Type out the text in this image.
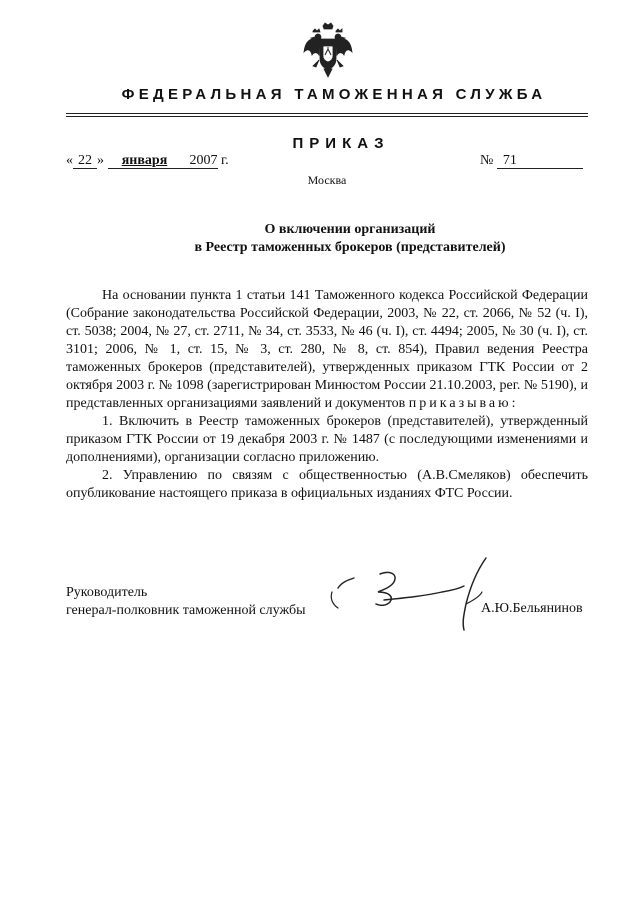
ФЕДЕРАЛЬНАЯ ТАМОЖЕННАЯ СЛУЖБА
ПРИКАЗ
« 22 » января 2007 г.	№ 71
Москва
О включении организаций
в Реестр таможенных брокеров (представителей)

На основании пункта 1 статьи 141 Таможенного кодекса Российской Федерации (Собрание законодательства Российской Федерации, 2003, № 22, ст. 2066, № 52 (ч. I), ст. 5038; 2004, № 27, ст. 2711, № 34, ст. 3533, № 46 (ч. I), ст. 4494; 2005, № 30 (ч. I), ст. 3101; 2006, № 1, ст. 15, № 3, ст. 280, № 8, ст. 854), Правил ведения Реестра таможенных брокеров (представителей), утвержденных приказом ГТК России от 2 октября 2003 г. № 1098 (зарегистрирован Минюстом России 21.10.2003, рег. № 5190), и представленных организациями заявлений и документов приказываю:

1. Включить в Реестр таможенных брокеров (представителей), утвержденный приказом ГТК России от 19 декабря 2003 г. № 1487 (с последующими изменениями и дополнениями), организации согласно приложению.

2. Управлению по связям с общественностью (А.В.Смеляков) обеспечить опубликование настоящего приказа в официальных изданиях ФТС России.

Руководитель
генерал-полковник таможенной службы	А.Ю.Бельянинов
